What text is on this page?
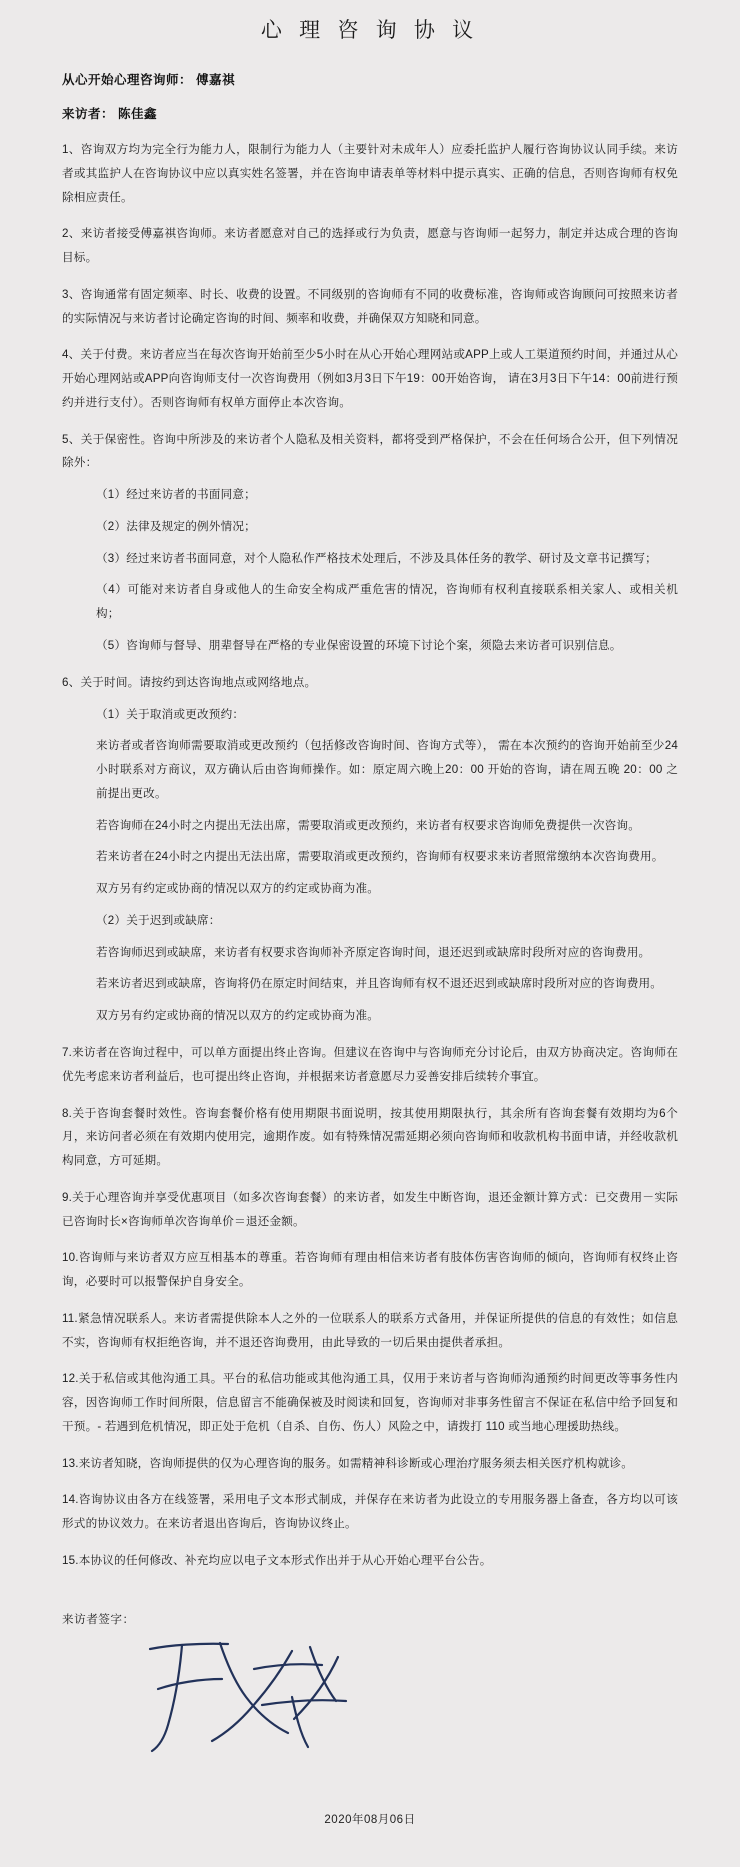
心 理 咨 询 协 议
从心开始心理咨询师： 傅嘉祺
来访者： 陈佳鑫

1、咨询双方均为完全行为能力人，限制行为能力人（主要针对未成年人）应委托监护人履行咨询协议认同手续。来访者或其监护人在咨询协议中应以真实姓名签署，并在咨询申请表单等材料中提示真实、正确的信息，否则咨询师有权免除相应责任。

2、来访者接受傅嘉祺咨询师。来访者愿意对自己的选择或行为负责，愿意与咨询师一起努力，制定并达成合理的咨询目标。

3、咨询通常有固定频率、时长、收费的设置。不同级别的咨询师有不同的收费标准，咨询师或咨询顾问可按照来访者的实际情况与来访者讨论确定咨询的时间、频率和收费，并确保双方知晓和同意。

4、关于付费。来访者应当在每次咨询开始前至少5小时在从心开始心理网站或APP上或人工渠道预约时间，并通过从心开始心理网站或APP向咨询师支付一次咨询费用（例如3月3日下午19：00开始咨询， 请在3月3日下午14：00前进行预约并进行支付）。否则咨询师有权单方面停止本次咨询。

5、关于保密性。咨询中所涉及的来访者个人隐私及相关资料，都将受到严格保护，不会在任何场合公开，但下列情况除外：

（1）经过来访者的书面同意；

（2）法律及规定的例外情况；

（3）经过来访者书面同意，对个人隐私作严格技术处理后，不涉及具体任务的教学、研讨及文章书记撰写；

（4）可能对来访者自身或他人的生命安全构成严重危害的情况，咨询师有权利直接联系相关家人、或相关机构；

（5）咨询师与督导、朋辈督导在严格的专业保密设置的环境下讨论个案，须隐去来访者可识别信息。

6、关于时间。请按约到达咨询地点或网络地点。

（1）关于取消或更改预约：

来访者或者咨询师需要取消或更改预约（包括修改咨询时间、咨询方式等）， 需在本次预约的咨询开始前至少24小时联系对方商议，双方确认后由咨询师操作。如：原定周六晚上20：00 开始的咨询，请在周五晚 20：00 之前提出更改。

若咨询师在24小时之内提出无法出席，需要取消或更改预约，来访者有权要求咨询师免费提供一次咨询。

若来访者在24小时之内提出无法出席，需要取消或更改预约，咨询师有权要求来访者照常缴纳本次咨询费用。

双方另有约定或协商的情况以双方的约定或协商为准。

（2）关于迟到或缺席：

若咨询师迟到或缺席，来访者有权要求咨询师补齐原定咨询时间，退还迟到或缺席时段所对应的咨询费用。

若来访者迟到或缺席，咨询将仍在原定时间结束，并且咨询师有权不退还迟到或缺席时段所对应的咨询费用。

双方另有约定或协商的情况以双方的约定或协商为准。

7.来访者在咨询过程中，可以单方面提出终止咨询。但建议在咨询中与咨询师充分讨论后，由双方协商决定。咨询师在优先考虑来访者利益后，也可提出终止咨询，并根据来访者意愿尽力妥善安排后续转介事宜。

8.关于咨询套餐时效性。咨询套餐价格有使用期限书面说明，按其使用期限执行，其余所有咨询套餐有效期均为6个月，来访问者必须在有效期内使用完，逾期作废。如有特殊情况需延期必须向咨询师和收款机构书面申请，并经收款机构同意，方可延期。

9.关于心理咨询并享受优惠项目（如多次咨询套餐）的来访者，如发生中断咨询，退还金额计算方式：已交费用－实际已咨询时长×咨询师单次咨询单价＝退还金额。

10.咨询师与来访者双方应互相基本的尊重。若咨询师有理由相信来访者有肢体伤害咨询师的倾向，咨询师有权终止咨询，必要时可以报警保护自身安全。

11.紧急情况联系人。来访者需提供除本人之外的一位联系人的联系方式备用，并保证所提供的信息的有效性；如信息不实，咨询师有权拒绝咨询，并不退还咨询费用，由此导致的一切后果由提供者承担。

12.关于私信或其他沟通工具。平台的私信功能或其他沟通工具，仅用于来访者与咨询师沟通预约时间更改等事务性内容，因咨询师工作时间所限，信息留言不能确保被及时阅读和回复，咨询师对非事务性留言不保证在私信中给予回复和干预。- 若遇到危机情况，即正处于危机（自杀、自伤、伤人）风险之中，请拨打 110 或当地心理援助热线。

13.来访者知晓，咨询师提供的仅为心理咨询的服务。如需精神科诊断或心理治疗服务须去相关医疗机构就诊。

14.咨询协议由各方在线签署，采用电子文本形式制成，并保存在来访者为此设立的专用服务器上备查，各方均以可该形式的协议效力。在来访者退出咨询后，咨询协议终止。

15.本协议的任何修改、补充均应以电子文本形式作出并于从心开始心理平台公告。

来访者签字：
2020年08月06日
